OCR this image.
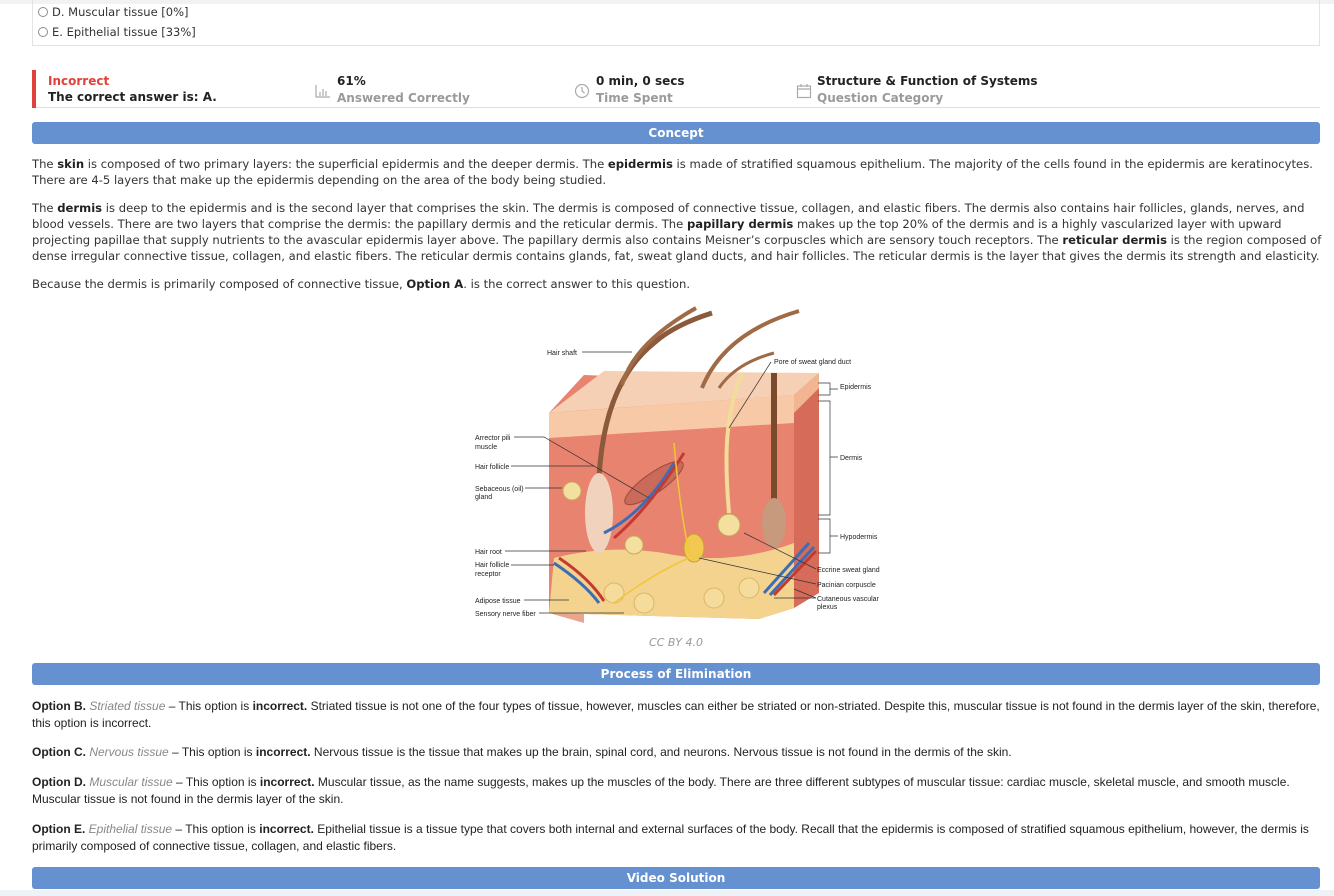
D. Muscular tissue [0%]
E. Epithelial tissue [33%]
Incorrect
The correct answer is: A.
61%
Answered Correctly
0 min, 0 secs
Time Spent
Structure & Function of Systems
Question Category
Concept
The skin is composed of two primary layers: the superficial epidermis and the deeper dermis. The epidermis is made of stratified squamous epithelium. The majority of the cells found in the epidermis are keratinocytes. There are 4-5 layers that make up the epidermis depending on the area of the body being studied.
The dermis is deep to the epidermis and is the second layer that comprises the skin. The dermis is composed of connective tissue, collagen, and elastic fibers. The dermis also contains hair follicles, glands, nerves, and blood vessels. There are two layers that comprise the dermis: the papillary dermis and the reticular dermis. The papillary dermis makes up the top 20% of the dermis and is a highly vascularized layer with upward projecting papillae that supply nutrients to the avascular epidermis layer above. The papillary dermis also contains Meisner’s corpuscles which are sensory touch receptors. The reticular dermis is the region composed of dense irregular connective tissue, collagen, and elastic fibers. The reticular dermis contains glands, fat, sweat gland ducts, and hair follicles. The reticular dermis is the layer that gives the dermis its strength and elasticity.
Because the dermis is primarily composed of connective tissue, Option A. is the correct answer to this question.
Hair shaft
Pore of sweat gland duct
Epidermis
Dermis
Hypodermis
Arrector pili
muscle
Hair follicle
Sebaceous (oil)
gland
Hair root
Hair follicle
receptor
Adipose tissue
Sensory nerve fiber
Eccrine sweat gland
Pacinian corpuscle
Cutaneous vascular
plexus
CC BY 4.0
Process of Elimination
Option B. Striated tissue – This option is incorrect. Striated tissue is not one of the four types of tissue, however, muscles can either be striated or non-striated. Despite this, muscular tissue is not found in the dermis layer of the skin, therefore, this option is incorrect.
Option C. Nervous tissue – This option is incorrect. Nervous tissue is the tissue that makes up the brain, spinal cord, and neurons. Nervous tissue is not found in the dermis of the skin.
Option D. Muscular tissue – This option is incorrect. Muscular tissue, as the name suggests, makes up the muscles of the body. There are three different subtypes of muscular tissue: cardiac muscle, skeletal muscle, and smooth muscle. Muscular tissue is not found in the dermis layer of the skin.
Option E. Epithelial tissue – This option is incorrect. Epithelial tissue is a tissue type that covers both internal and external surfaces of the body. Recall that the epidermis is composed of stratified squamous epithelium, however, the dermis is primarily composed of connective tissue, collagen, and elastic fibers.
Video Solution
